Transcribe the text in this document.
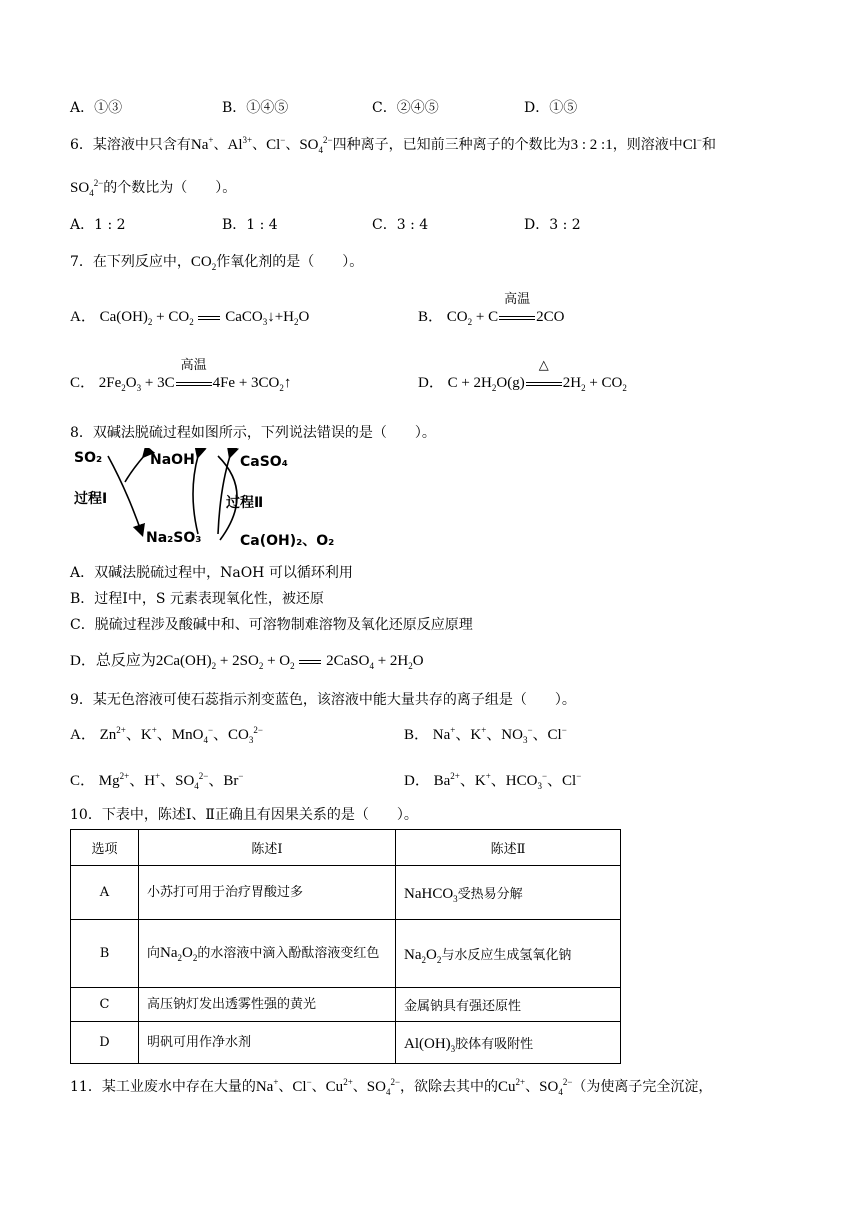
A．①③	B．①④⑤	C．②④⑤	D．①⑤
6．某溶液中只含有Na+、$Al^{3+}$、Cl−、$SO_4^{2-}$四种离子，已知前三种离子的个数比为3 : 2 :1，则溶液中Cl−和
$SO_4^{2-}$的个数比为（　　）。
A．1 : 2	B．1 : 4	C．3 : 4	D．3 : 2
7．在下列反应中，$CO_2$作氧化剂的是（　　）。
A． $Ca(OH)_2 + CO_2$  $CaCO_3↓+H_2O$	B． $CO_2 + C$
高温
2CO
C． $2Fe_2O_3 + 3C$
高温
$4Fe + 3CO_2↑$	D． $C + 2H_2O(g)$
△
$2H_2 + CO_2$
8．双碱法脱硫过程如图所示，下列说法错误的是（　　）。
SO₂	NaOH	CaSO₄
过程Ⅰ	过程Ⅱ
Na₂SO₃	Ca(OH)₂、O₂
A．双碱法脱硫过程中，NaOH 可以循环利用
B．过程Ⅰ中，S 元素表现氧化性，被还原
C．脱硫过程涉及酸碱中和、可溶物制难溶物及氧化还原反应原理
D．总反应为$2Ca(OH)_2 + 2SO_2 + O_2$  2CaSO$_4$ + $2H_2O$
9．某无色溶液可使石蕊指示剂变蓝色，该溶液中能大量共存的离子组是（　　）。
A． $Zn^{2+}$、K+、MnO$_4$−、$CO_3^{2-}$	B． Na+、K+、$NO_3^-$、Cl−
C． $Mg^{2+}$、H+、$SO_4^{2-}$、Br−	D． $Ba^{2+}$、K+、$HCO_3^-$、Cl−
10．下表中，陈述Ⅰ、Ⅱ正确且有因果关系的是（　　）。
选项	陈述Ⅰ	陈述Ⅱ
A	小苏打可用于治疗胃酸过多	NaHCO$_3$受热易分解
B	向$Na_2O_2$的水溶液中滴入酚酞溶液变红色	$Na_2O_2$与水反应生成氢氧化钠
C	高压钠灯发出透雾性强的黄光	金属钠具有强还原性
D	明矾可用作净水剂	$Al(OH)_3$胶体有吸附性
11．某工业废水中存在大量的Na+、Cl−、$Cu^{2+}$、$SO_4^{2-}$，欲除去其中的$Cu^{2+}$、$SO_4^{2-}$（为使离子完全沉淀，
